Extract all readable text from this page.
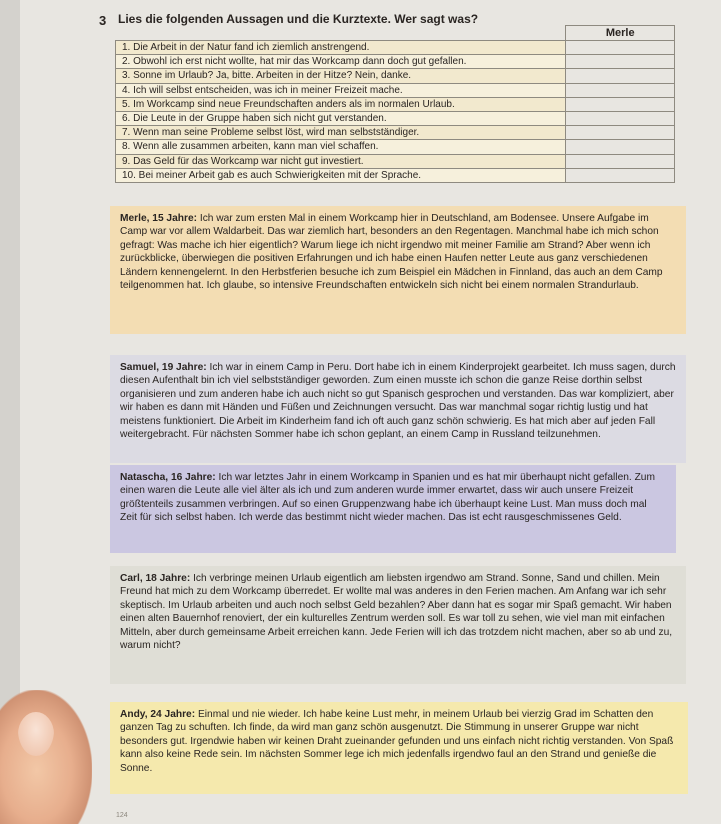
3 Lies die folgenden Aussagen und die Kurztexte. Wer sagt was?
	Merle
1. Die Arbeit in der Natur fand ich ziemlich anstrengend.	
2. Obwohl ich erst nicht wollte, hat mir das Workcamp dann doch gut gefallen.	
3. Sonne im Urlaub? Ja, bitte. Arbeiten in der Hitze? Nein, danke.	
4. Ich will selbst entscheiden, was ich in meiner Freizeit mache.	
5. Im Workcamp sind neue Freundschaften anders als im normalen Urlaub.	
6. Die Leute in der Gruppe haben sich nicht gut verstanden.	
7. Wenn man seine Probleme selbst löst, wird man selbstständiger.	
8. Wenn alle zusammen arbeiten, kann man viel schaffen.	
9. Das Geld für das Workcamp war nicht gut investiert.	
10. Bei meiner Arbeit gab es auch Schwierigkeiten mit der Sprache.	
Merle, 15 Jahre: Ich war zum ersten Mal in einem Workcamp hier in Deutschland, am Bodensee. Unsere Aufgabe im Camp war vor allem Waldarbeit. Das war ziemlich hart, besonders an den Regentagen. Manchmal habe ich mich schon gefragt: Was mache ich hier eigentlich? Warum liege ich nicht irgendwo mit meiner Familie am Strand? Aber wenn ich zurückblicke, überwiegen die positiven Erfahrungen und ich habe einen Haufen netter Leute aus ganz verschiedenen Ländern kennengelernt. In den Herbstferien besuche ich zum Beispiel ein Mädchen in Finnland, das auch an dem Camp teilgenommen hat. Ich glaube, so intensive Freundschaften entwickeln sich nicht bei einem normalen Strandurlaub.
Samuel, 19 Jahre: Ich war in einem Camp in Peru. Dort habe ich in einem Kinderprojekt gearbeitet. Ich muss sagen, durch diesen Aufenthalt bin ich viel selbstständiger geworden. Zum einen musste ich schon die ganze Reise dorthin selbst organisieren und zum anderen habe ich auch nicht so gut Spanisch gesprochen und verstanden. Das war kompliziert, aber wir haben es dann mit Händen und Füßen und Zeichnungen versucht. Das war manchmal sogar richtig lustig und hat meistens funktioniert. Die Arbeit im Kinderheim fand ich oft auch ganz schön schwierig. Es hat mich aber auf jeden Fall weitergebracht. Für nächsten Sommer habe ich schon geplant, an einem Camp in Russland teilzunehmen.
Natascha, 16 Jahre: Ich war letztes Jahr in einem Workcamp in Spanien und es hat mir überhaupt nicht gefallen. Zum einen waren die Leute alle viel älter als ich und zum anderen wurde immer erwartet, dass wir auch unsere Freizeit größtenteils zusammen verbringen. Auf so einen Gruppenzwang habe ich überhaupt keine Lust. Man muss doch mal Zeit für sich selbst haben. Ich werde das bestimmt nicht wieder machen. Das ist echt rausgeschmissenes Geld.
Carl, 18 Jahre: Ich verbringe meinen Urlaub eigentlich am liebsten irgendwo am Strand. Sonne, Sand und chillen. Mein Freund hat mich zu dem Workcamp überredet. Er wollte mal was anderes in den Ferien machen. Am Anfang war ich sehr skeptisch. Im Urlaub arbeiten und auch noch selbst Geld bezahlen? Aber dann hat es sogar mir Spaß gemacht. Wir haben einen alten Bauernhof renoviert, der ein kulturelles Zentrum werden soll. Es war toll zu sehen, wie viel man mit einfachen Mitteln, aber durch gemeinsame Arbeit erreichen kann. Jede Ferien will ich das trotzdem nicht machen, aber so ab und zu, warum nicht?
Andy, 24 Jahre: Einmal und nie wieder. Ich habe keine Lust mehr, in meinem Urlaub bei vierzig Grad im Schatten den ganzen Tag zu schuften. Ich finde, da wird man ganz schön ausgenutzt. Die Stimmung in unserer Gruppe war nicht besonders gut. Irgendwie haben wir keinen Draht zueinander gefunden und uns einfach nicht richtig verstanden. Von Spaß kann also keine Rede sein. Im nächsten Sommer lege ich mich jedenfalls irgendwo faul an den Strand und genieße die Sonne.
124
